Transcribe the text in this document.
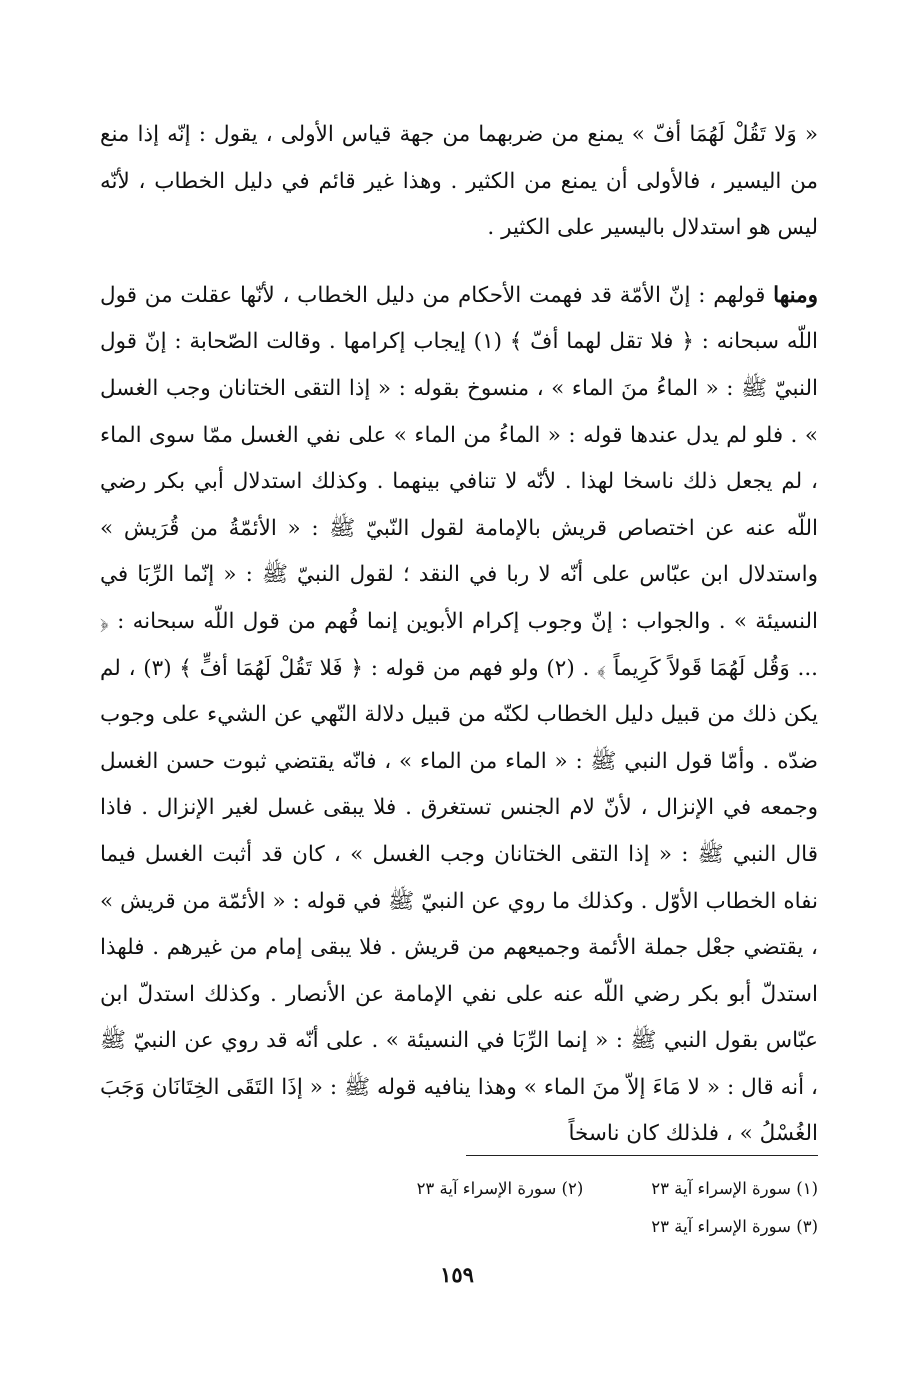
« وَلا تَقُلْ لَهُمَا أفّ » يمنع من ضربهما من جهة قياس الأولى ، يقول : إنّه إذا منع من اليسير ، فالأولى أن يمنع من الكثير . وهذا غير قائم في دليل الخطاب ، لأنّه ليس هو استدلال باليسير على الكثير .

ومنها قولهم : إنّ الأمّة قد فهمت الأحكام من دليل الخطاب ، لأنّها عقلت من قول اللّه سبحانه : ﴿ فلا تقل لهما أفّ ﴾ (١) إيجاب إكرامها . وقالت الصّحابة : إنّ قول النبيّ ﷺ : « الماءُ منَ الماء » ، منسوخ بقوله : « إذا التقى الختانان وجب الغسل » . فلو لم يدل عندها قوله : « الماءُ من الماء » على نفي الغسل ممّا سوى الماء ، لم يجعل ذلك ناسخا لهذا . لأنّه لا تنافي بينهما . وكذلك استدلال أبي بكر رضي اللّه عنه عن اختصاص قريش بالإمامة لقول النّبيّ ﷺ : « الأئمّةُ من قُرَيش » واستدلال ابن عبّاس على أنّه لا ربا في النقد ؛ لقول النبيّ ﷺ : « إنّما الرِّبَا في النسيئة » . والجواب : إنّ وجوب إكرام الأبوين إنما فُهم من قول اللّه سبحانه : ﴿ ... وَقُل لَهُمَا قَولاً كَرِيماً ﴾ . (٢) ولو فهم من قوله : ﴿ فَلا تَقُلْ لَهُمَا أفٍّ ﴾ (٣) ، لم يكن ذلك من قبيل دليل الخطاب لكنّه من قبيل دلالة النّهي عن الشيء على وجوب ضدّه . وأمّا قول النبي ﷺ : « الماء من الماء » ، فانّه يقتضي ثبوت حسن الغسل وجمعه في الإنزال ، لأنّ لام الجنس تستغرق . فلا يبقى غسل لغير الإنزال . فاذا قال النبي ﷺ : « إذا التقى الختانان وجب الغسل » ، كان قد أثبت الغسل فيما نفاه الخطاب الأوّل . وكذلك ما روي عن النبيّ ﷺ في قوله : « الأئمّة من قريش » ، يقتضي جعْل جملة الأئمة وجميعهم من قريش . فلا يبقى إمام من غيرهم . فلهذا استدلّ أبو بكر رضي اللّه عنه على نفي الإمامة عن الأنصار . وكذلك استدلّ ابن عبّاس بقول النبي ﷺ : « إنما الرِّبَا في النسيئة » . على أنّه قد روي عن النبيّ ﷺ ، أنه قال : « لا مَاءَ إلاّ منَ الماء » وهذا ينافيه قوله ﷺ : « إذَا التَقَى الخِتَانَان وَجَبَ الغُسْلُ » ، فلذلك كان ناسخاً

(١) سورة الإسراء آية ٢٣
(٢) سورة الإسراء آية ٢٣
(٣) سورة الإسراء آية ٢٣
١٥٩
